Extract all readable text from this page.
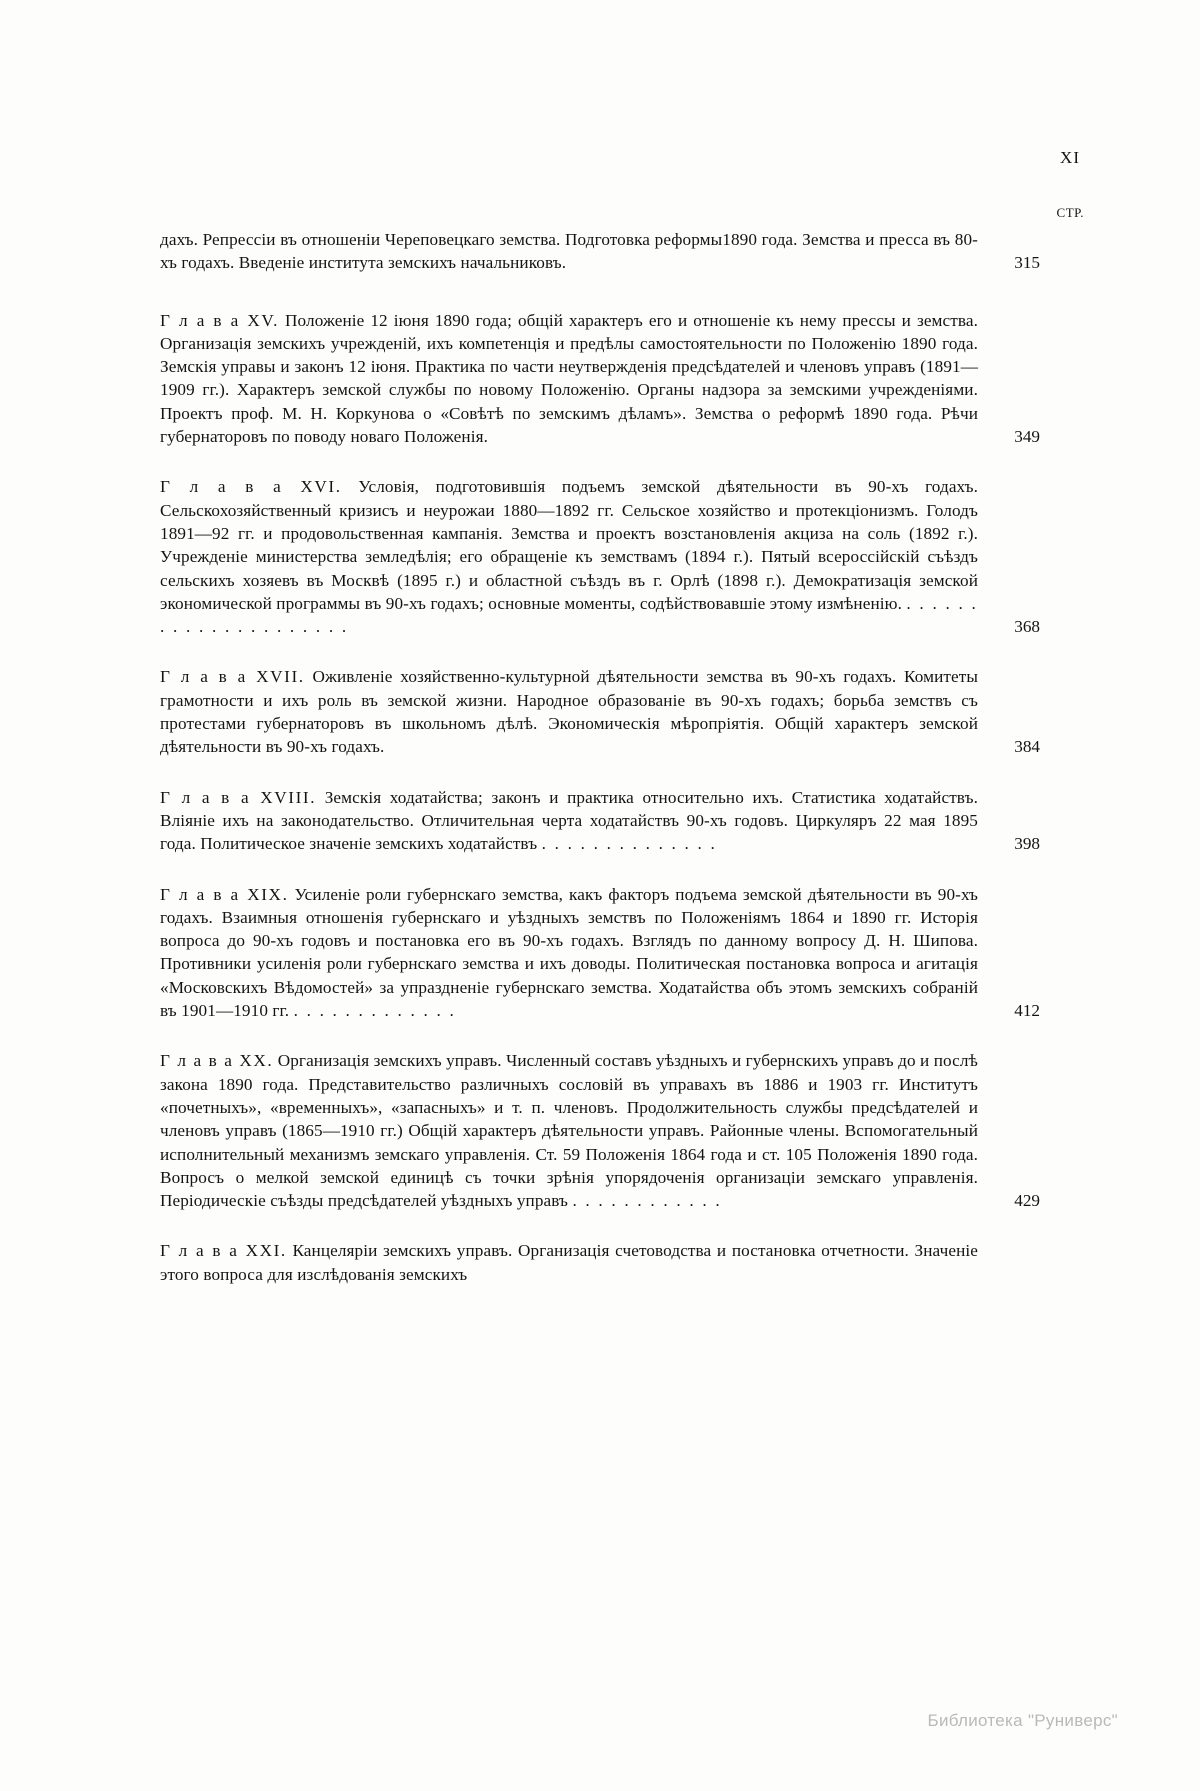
XI
СТР.

дахъ. Репрессіи въ отношеніи Череповецкаго земства. Подготовка реформы1890 года. Земства и пресса въ 80-хъ годахъ. Введеніе института земскихъ начальниковъ.	315

Г л а в а XV. Положеніе 12 іюня 1890 года; общій характеръ его и отношеніе къ нему прессы и земства. Организація земскихъ учрежденій, ихъ компетенція и предѣлы самостоятельности по Положенію 1890 года. Земскія управы и законъ 12 іюня. Практика по части неутвержденія предсѣдателей и членовъ управъ (1891—1909 гг.). Характеръ земской службы по новому Положенію. Органы надзора за земскими учрежденіями. Проектъ проф. М. Н. Коркунова о «Совѣтѣ по земскимъ дѣламъ». Земства о реформѣ 1890 года. Рѣчи губернаторовъ по поводу новаго Положенія.	349

Г л а в а XVI. Условія, подготовившія подъемъ земской дѣятельности въ 90-хъ годахъ. Сельскохозяйственный кризисъ и неурожаи 1880—1892 гг. Сельское хозяйство и протекціонизмъ. Голодъ 1891—92 гг. и продовольственная кампанія. Земства и проектъ возстановленія акциза на соль (1892 г.). Учрежденіе министерства земледѣлія; его обращеніе къ земствамъ (1894 г.). Пятый всероссійскій съѣздъ сельскихъ хозяевъ въ Москвѣ (1895 г.) и областной съѣздъ въ г. Орлѣ (1898 г.). Демократизація земской экономической программы въ 90-хъ годахъ; основные моменты, содѣйствовавшіе этому измѣненію. . . . . . . . . . . . . . . . . . . . . .	368

Г л а в а XVII. Оживленіе хозяйственно-культурной дѣятельности земства въ 90-хъ годахъ. Комитеты грамотности и ихъ роль въ земской жизни. Народное образованіе въ 90-хъ годахъ; борьба земствъ съ протестами губернаторовъ въ школьномъ дѣлѣ. Экономическія мѣропріятія. Общій характеръ земской дѣятельности въ 90-хъ годахъ.	384

Г л а в а XVIII. Земскія ходатайства; законъ и практика относительно ихъ. Статистика ходатайствъ. Вліяніе ихъ на законодательство. Отличительная черта ходатайствъ 90-хъ годовъ. Циркуляръ 22 мая 1895 года. Политическое значеніе земскихъ ходатайствъ . . . . . . . . . . . . . .	398

Г л а в а XIX. Усиленіе роли губернскаго земства, какъ факторъ подъема земской дѣятельности въ 90-хъ годахъ. Взаимныя отношенія губернскаго и уѣздныхъ земствъ по Положеніямъ 1864 и 1890 гг. Исторія вопроса до 90-хъ годовъ и постановка его въ 90-хъ годахъ. Взглядъ по данному вопросу Д. Н. Шипова. Противники усиленія роли губернскаго земства и ихъ доводы. Политическая постановка вопроса и агитація «Московскихъ Вѣдомостей» за упраздненіе губернскаго земства. Ходатайства объ этомъ земскихъ собраній въ 1901—1910 гг. . . . . . . . . . . . . .	412

Г л а в а XX. Организація земскихъ управъ. Численный составъ уѣздныхъ и губернскихъ управъ до и послѣ закона 1890 года. Представительство различныхъ сословій въ управахъ въ 1886 и 1903 гг. Институтъ «почетныхъ», «временныхъ», «запасныхъ» и т. п. членовъ. Продолжительность службы предсѣдателей и членовъ управъ (1865—1910 гг.) Общій характеръ дѣятельности управъ. Районные члены. Вспомогательный исполнительный механизмъ земскаго управленія. Ст. 59 Положенія 1864 года и ст. 105 Положенія 1890 года. Вопросъ о мелкой земской единицѣ съ точки зрѣнія упорядоченія организаціи земскаго управленія. Періодическіе съѣзды предсѣдателей уѣздныхъ управъ . . . . . . . . . . . .	429

Г л а в а XXI. Канцеляріи земскихъ управъ. Организація счетоводства и постановка отчетности. Значеніе этого вопроса для изслѣдованія земскихъ

Библиотека "Руниверс"
